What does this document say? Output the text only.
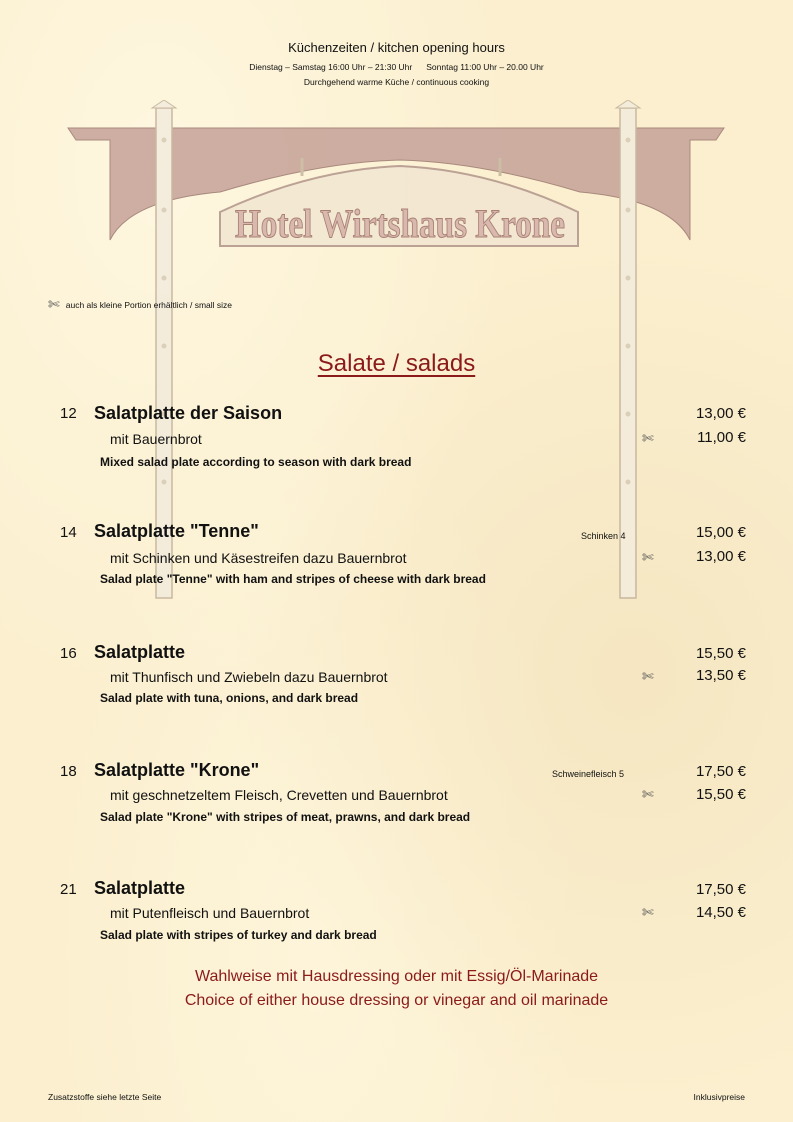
Küchenzeiten / kitchen opening hours
Dienstag – Samstag 16:00 Uhr – 21:30 Uhr Sonntag 11:00 Uhr – 20.00 Uhr
Durchgehend warme Küche / continuous cooking
Hotel Wirtshaus Krone
✄ auch als kleine Portion erhältlich / small size
Salate / salads
12 Salatplatte der Saison	13,00 €
mit Bauernbrot	✄	11,00 €
Mixed salad plate according to season with dark bread
14 Salatplatte "Tenne"	Schinken 4	15,00 €
mit Schinken und Käsestreifen dazu Bauernbrot	✄	13,00 €
Salad plate "Tenne" with ham and stripes of cheese with dark bread
16 Salatplatte	15,50 €
mit Thunfisch und Zwiebeln dazu Bauernbrot	✄	13,50 €
Salad plate with tuna, onions, and dark bread
18 Salatplatte "Krone"	Schweinefleisch 5	17,50 €
mit geschnetzeltem Fleisch, Crevetten und Bauernbrot	✄	15,50 €
Salad plate "Krone" with stripes of meat, prawns, and dark bread
21 Salatplatte	17,50 €
mit Putenfleisch und Bauernbrot	✄	14,50 €
Salad plate with stripes of turkey and dark bread
Wahlweise mit Hausdressing oder mit Essig/Öl-Marinade
Choice of either house dressing or vinegar and oil marinade
Zusatzstoffe siehe letzte Seite	Inklusivpreise
